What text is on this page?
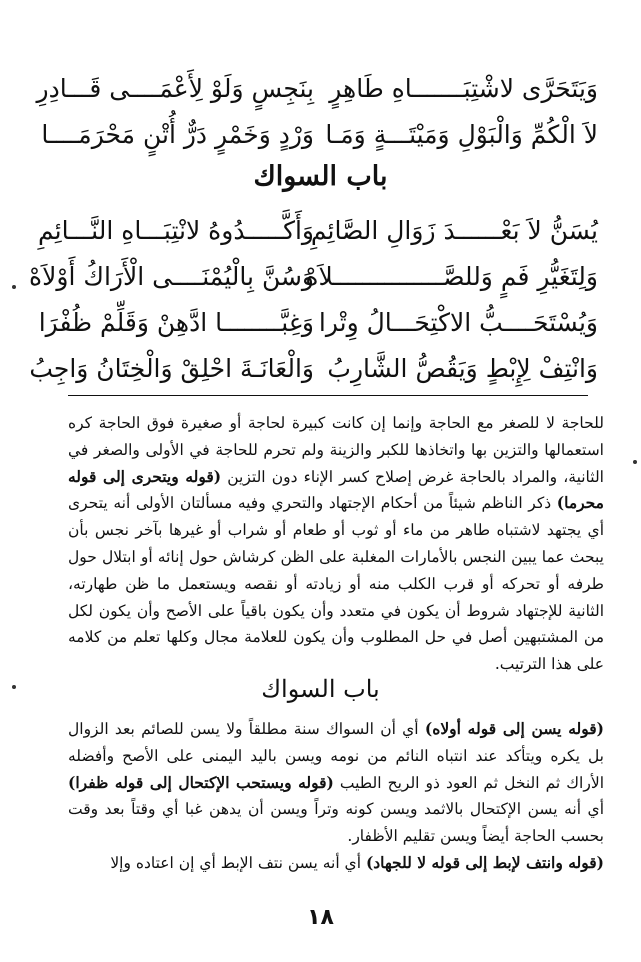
وَيَتَحَرَّى لاشْتِبَـــــــاهِ طَاهِرٍ
بِنَجِسٍ وَلَوْ لِأَعْمَــــى قَـــادِرِ
لاَ الْكُمِّ وَالْبَوْلِ وَمَيْتَـــةٍ وَمَـا
وَرْدٍ وَخَمْرٍ دَرٌّ أُتْنٍ مَحْرَمَــــا
باب السواك
يُسَنُّ لاَ بَعْــــــدَ زَوَالِ الصَّائِمِ
وَأَكَّـــــدُوهُ لانْتِبَـــاهِ النَّـــائِمِ
وَلِتَغَيُّرِ فَمٍ وَللصَّـــــــــــــــلاَهْ
وَسُنَّ بِالْيُمْنَــــى الْأَرَاكُ أَوْلاَهْ
وَيُسْتَحَــــبُّ الاكْتِحَـــالُ وِتْرا
وَغِبَّــــــــا ادَّهِنْ وَقَلِّمْ ظُفْرَا
وَانْتِفْ لِإِبْطٍ وَيَقُصُّ الشَّارِبُ
وَالْعَانَـةَ احْلِقْ وَالْخِتَانُ وَاجِبُ

للحاجة لا للصغر مع الحاجة وإنما إن كانت كبيرة لحاجة أو صغيرة فوق الحاجة كره استعمالها والتزين بها واتخاذها للكبر والزينة ولم تحرم للحاجة في الأولى والصغر في الثانية، والمراد بالحاجة غرض إصلاح كسر الإناء دون التزين (قوله ويتحرى إلى قوله محرما) ذكر الناظم شيئاً من أحكام الإجتهاد والتحري وفيه مسألتان الأولى أنه يتحرى أي يجتهد لاشتباه طاهر من ماء أو ثوب أو طعام أو شراب أو غيرها بآخر نجس بأن يبحث عما يبين النجس بالأمارات المغلبة على الظن كرشاش حول إنائه أو ابتلال حول طرفه أو تحركه أو قرب الكلب منه أو زيادته أو نقصه ويستعمل ما ظن طهارته، الثانية للإجتهاد شروط أن يكون في متعدد وأن يكون باقياً على الأصح وأن يكون لكل من المشتبهين أصل في حل المطلوب وأن يكون للعلامة مجال وكلها تعلم من كلامه على هذا الترتيب.

باب السواك

(قوله يسن إلى قوله أولاه) أي أن السواك سنة مطلقاً ولا يسن للصائم بعد الزوال بل يكره ويتأكد عند انتباه النائم من نومه ويسن باليد اليمنى على الأصح وأفضله الأراك ثم النخل ثم العود ذو الريح الطيب (قوله ويستحب الإكتحال إلى قوله ظفرا) أي أنه يسن الإكتحال بالاثمد ويسن كونه وتراً ويسن أن يدهن غبا أي وقتاً بعد وقت بحسب الحاجة أيضاً ويسن تقليم الأظفار.

(قوله وانتف لإبط إلى قوله لا للجهاد) أي أنه يسن نتف الإبط أي إن اعتاده وإلا

١٨
